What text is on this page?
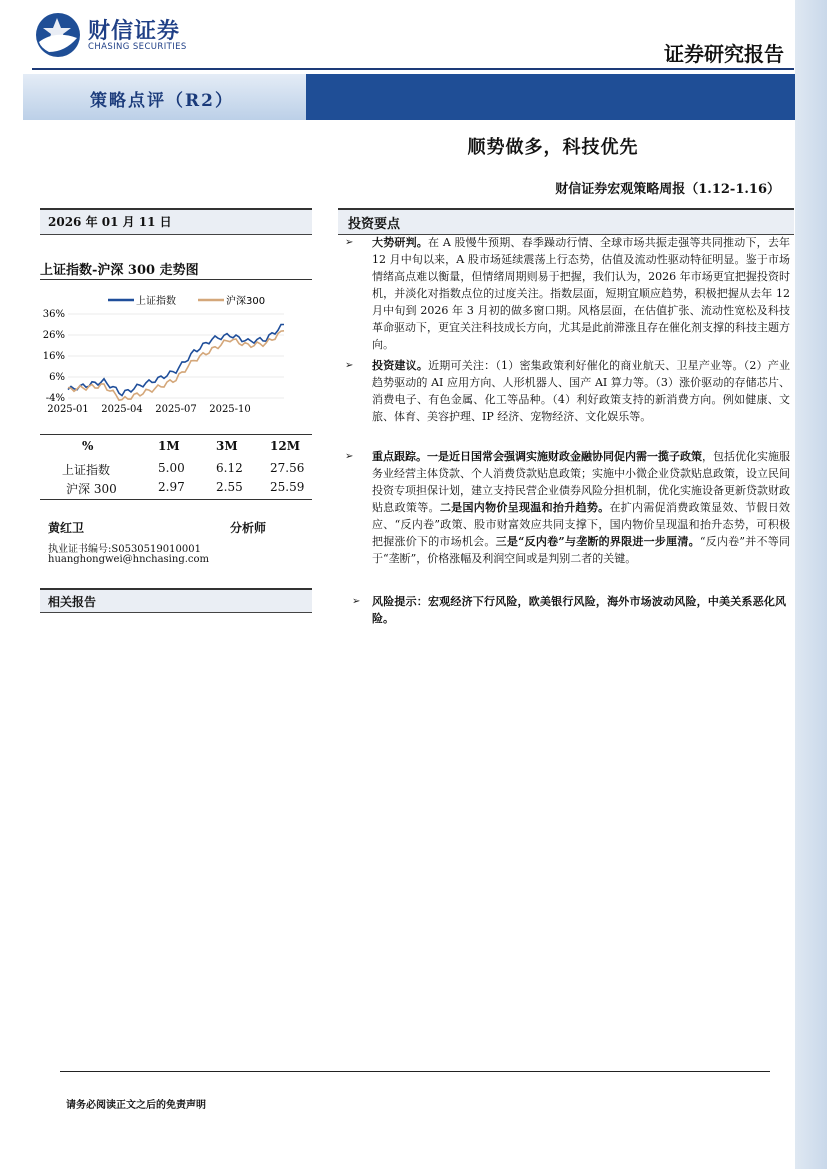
财信证券
CHASING SECURITIES	证券研究报告
策略点评（R2）
顺势做多，科技优先
财信证券宏观策略周报（1.12-1.16）
2026 年 01 月 11 日
上证指数-沪深 300 走势图
36%
26%
16%
6%
-4%
2025-01 2025-04 2025-07 2025-10
上证指数	沪深300
%	1M	3M	12M
上证指数	5.00	6.12 27.56
沪深 300	2.97	2.55 25.59
黄红卫	分析师
执业证书编号:S0530519010001
huanghongwei@hnchasing.com
相关报告
投资要点
➢ 大势研判。在 A 股慢牛预期、春季躁动行情、全球市场共振走强等共同推动下，去年 12 月中旬以来，A 股市场延续震荡上行态势，估值及流动性驱动特征明显。鉴于市场情绪高点难以衡量，但情绪周期则易于把握，我们认为，2026 年市场更宜把握投资时机，并淡化对指数点位的过度关注。指数层面，短期宜顺应趋势，积极把握从去年 12 月中旬到 2026 年 3 月初的做多窗口期。风格层面，在估值扩张、流动性宽松及科技革命驱动下，更宜关注科技成长方向，尤其是此前滞涨且存在催化剂支撑的科技主题方向。
➢ 投资建议。近期可关注：（1）密集政策利好催化的商业航天、卫星产业等。（2）产业趋势驱动的 AI 应用方向、人形机器人、国产 AI 算力等。（3）涨价驱动的存储芯片、消费电子、有色金属、化工等品种。（4）利好政策支持的新消费方向。例如健康、文旅、体育、美容护理、IP 经济、宠物经济、文化娱乐等。
➢ 重点跟踪。一是近日国常会强调实施财政金融协同促内需一揽子政策，包括优化实施服务业经营主体贷款、个人消费贷款贴息政策；实施中小微企业贷款贴息政策，设立民间投资专项担保计划，建立支持民营企业债券风险分担机制，优化实施设备更新贷款财政贴息政策等。二是国内物价呈现温和抬升趋势。在扩内需促消费政策显效、节假日效应、“反内卷”政策、股市财富效应共同支撑下，国内物价呈现温和抬升态势，可积极把握涨价下的市场机会。三是“反内卷”与垄断的界限进一步厘清。“反内卷”并不等同于“垄断”，价格涨幅及利润空间或是判别二者的关键。
➢ 风险提示：宏观经济下行风险，欧美银行风险，海外市场波动风险，中美关系恶化风险。
请务必阅读正文之后的免责声明
